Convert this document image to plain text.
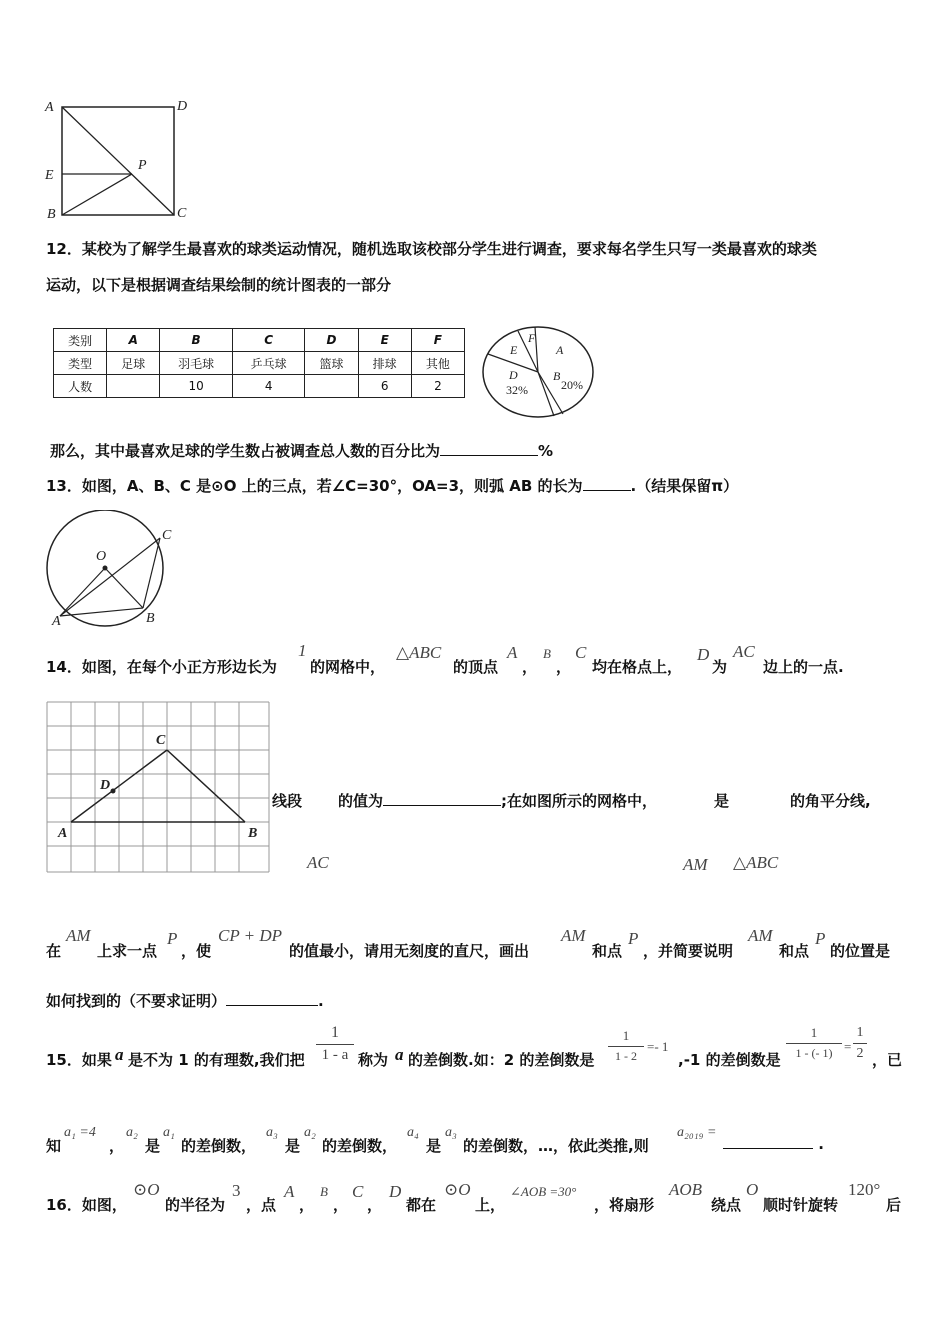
A	D
E
P
B	C
12．某校为了解学生最喜欢的球类运动情况，随机选取该校部分学生进行调查，要求每名学生只写一类最喜欢的球类
运动，以下是根据调查结果绘制的统计图表的一部分
类别	A	B	C	D	E	F
类型	足球	羽毛球	乒乓球	篮球	排球	其他
人数		10	4		6	2
F
E	A
D
32%
B
20%
那么，其中最喜欢足球的学生数占被调查总人数的百分比为	%
13．如图，A、B、C 是⊙O 上的三点，若∠C=30°，OA=3，则弧 AB 的长为	.（结果保留π）
O
C
A	B
14．如图，在每个小正方形边长为
1
的网格中，
△ABC
的顶点
A
，
B
，
C
均在格点上，
D
为
AC
边上的一点.
C
D
A	B
线段 的值为	;在如图所示的网格中，	是	的角平分线,
AC	AM △ABC
在
AM
上求一点
P
，使
CP + DP
的值最小，请用无刻度的直尺，画出
AM
和点
P
，并简要说明
AM
和点
P
的位置是
如何找到的（不要求证明）	.
15．如果 a 是不为 1 的有理数,我们把
1
1 - a 称为 a 的差倒数.如：2 的差倒数是
1
1 - 2
=- 1
,-1 的差倒数是
1
1 - (- 1) =
1
2 ，已
知
a₁ =4
，
a₂
是
a₁
的差倒数，
a₃
是
a₂
的差倒数，
a₄
是
a₃
的差倒数，…，依此类推,则
a₂₀₁₉ =
.
16．如图，
⊙O
的半径为
3
，点
A
，
B
，
C
，
D
都在
⊙O
上，
∠AOB =30°
，将扇形
AOB
绕点
O
顺时针旋转
120°
后
